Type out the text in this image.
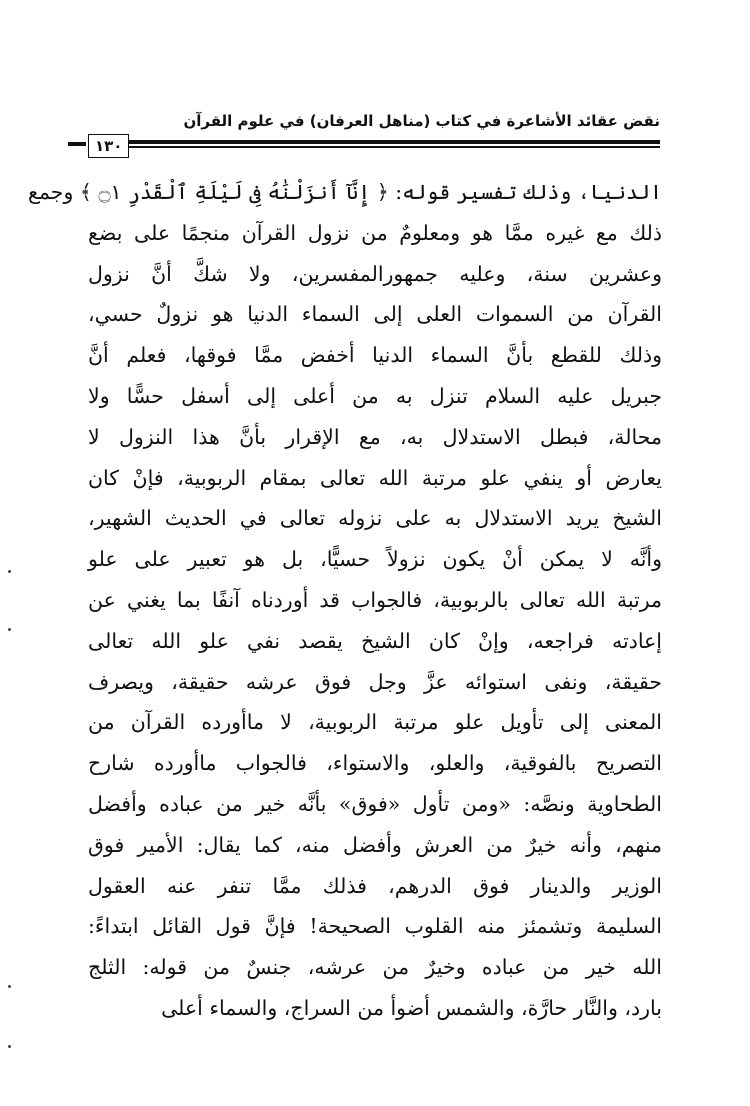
نقض عقائد الأشاعرة في كتاب (مناهل العرفان) في علوم القرآن
١٣٠
الدنيا، وذلك تفسير قوله: ﴿ إِنَّآ أَنزَلْنَٰهُ فِى لَيْلَةِ ٱلْقَدْرِ ۝١ ﴾ وجمع
ذلك مع غيره ممَّا هو ومعلومٌ من نزول القرآن منجمًا على بضع
وعشرين سنة، وعليه جمهورالمفسرين، ولا شكَّ أنَّ نزول
القرآن من السموات العلى إلى السماء الدنيا هو نزولٌ حسي،
وذلك للقطع بأنَّ السماء الدنيا أخفض ممَّا فوقها، فعلم أنَّ
جبريل عليه السلام تنزل به من أعلى إلى أسفل حسًّا ولا
محالة، فبطل الاستدلال به، مع الإقرار بأنَّ هذا النزول لا
يعارض أو ينفي علو مرتبة الله تعالى بمقام الربوبية، فإنْ كان
الشيخ يريد الاستدلال به على نزوله تعالى في الحديث الشهير،
وأنَّه لا يمكن أنْ يكون نزولاً حسيًّا، بل هو تعبير على علو
مرتبة الله تعالى بالربوبية، فالجواب قد أوردناه آنفًا بما يغني عن
إعادته فراجعه، وإنْ كان الشيخ يقصد نفي علو الله تعالى
حقيقة، ونفى استوائه عزَّ وجل فوق عرشه حقيقة، ويصرف
المعنى إلى تأويل علو مرتبة الربوبية، لا ماأورده القرآن من
التصريح بالفوقية، والعلو، والاستواء، فالجواب ماأورده شارح
الطحاوية ونصَّه: «ومن تأول «فوق» بأنَّه خير من عباده وأفضل
منهم، وأنه خيرٌ من العرش وأفضل منه، كما يقال: الأمير فوق
الوزير والدينار فوق الدرهم، فذلك ممَّا تنفر عنه العقول
السليمة وتشمئز منه القلوب الصحيحة! فإنَّ قول القائل ابتداءً:
الله خير من عباده وخيرٌ من عرشه، جنسٌ من قوله: الثلج
بارد، والنَّار حارَّة، والشمس أضوأ من السراج، والسماء أعلى
